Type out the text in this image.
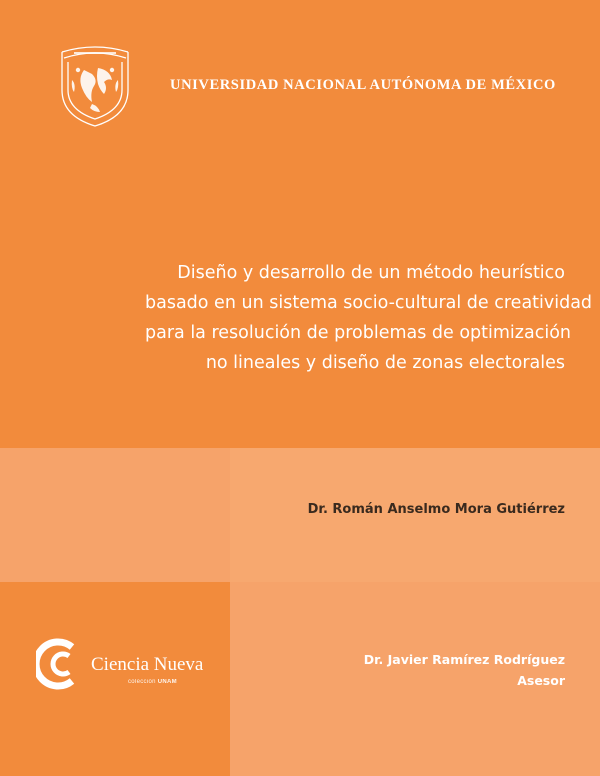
UNIVERSIDAD NACIONAL AUTÓNOMA DE MÉXICO
Diseño y desarrollo de un método heurístico
basado en un sistema socio-cultural de creatividad
para la resolución de problemas de optimización
no lineales y diseño de zonas electorales
Dr. Román Anselmo Mora Gutiérrez
Dr. Javier Ramírez Rodríguez
Asesor
Ciencia Nueva
colección UNAM
